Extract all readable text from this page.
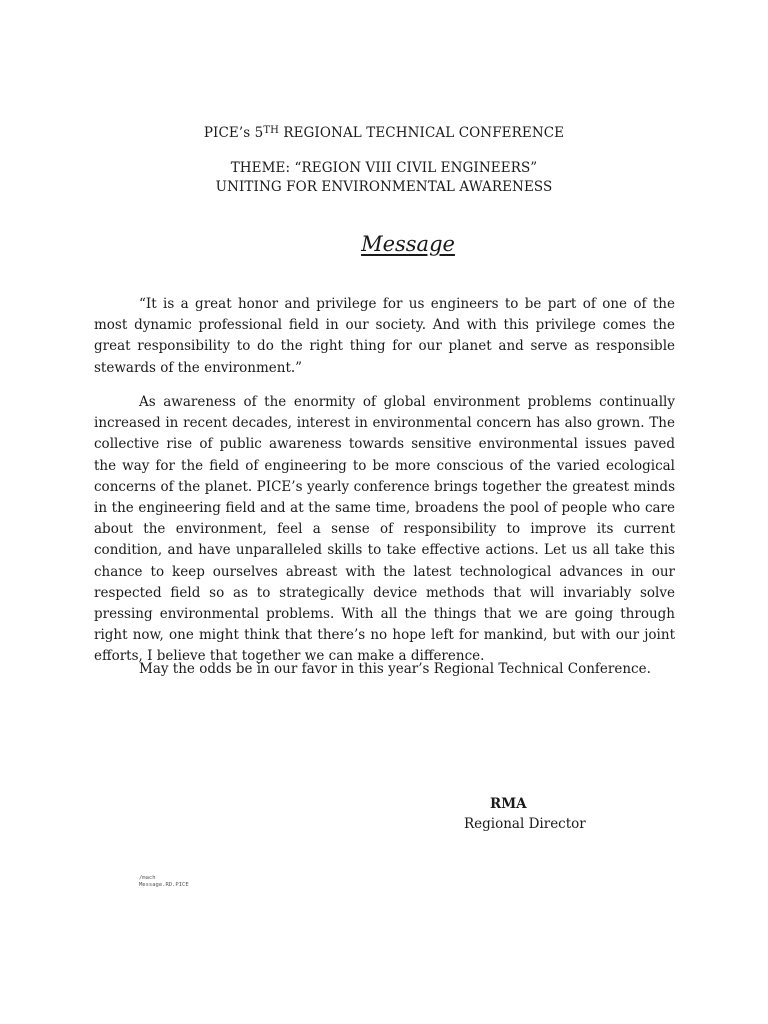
PICE’s 5TH REGIONAL TECHNICAL CONFERENCE
THEME: “REGION VIII CIVIL ENGINEERS”
UNITING FOR ENVIRONMENTAL AWARENESS
Message

“It is a great honor and privilege for us engineers to be part of one of the most dynamic professional field in our society. And with this privilege comes the great responsibility to do the right thing for our planet and serve as responsible stewards of the environment.”

As awareness of the enormity of global environment problems continually increased in recent decades, interest in environmental concern has also grown. The collective rise of public awareness towards sensitive environmental issues paved the way for the field of engineering to be more conscious of the varied ecological concerns of the planet. PICE’s yearly conference brings together the greatest minds in the engineering field and at the same time, broadens the pool of people who care about the environment, feel a sense of responsibility to improve its current condition, and have unparalleled skills to take effective actions. Let us all take this chance to keep ourselves abreast with the latest technological advances in our respected field so as to strategically device methods that will invariably solve pressing environmental problems. With all the things that we are going through right now, one might think that there’s no hope left for mankind, but with our joint efforts, I believe that together we can make a difference.

May the odds be in our favor in this year’s Regional Technical Conference.

RMA
Regional Director
/mach
Message.RD.PICE
